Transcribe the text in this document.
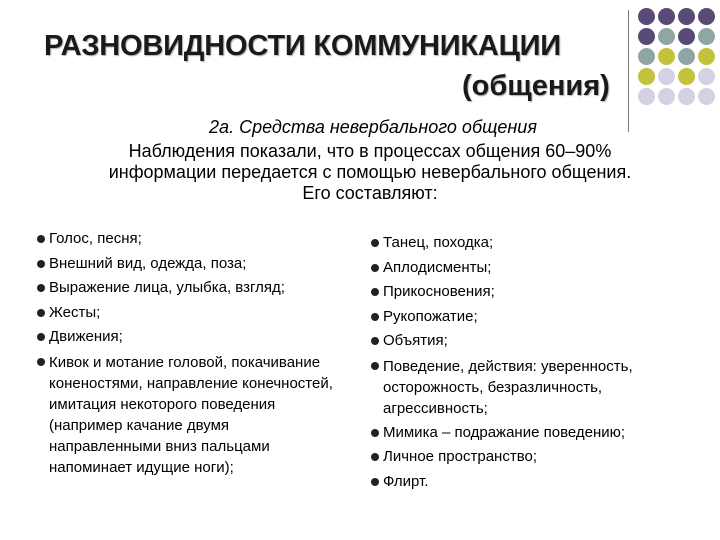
РАЗНОВИДНОСТИ КОММУНИКАЦИИ
(общения)
2а. Средства невербального общения
Наблюдения показали, что в процессах общения 60–90%
информации передается с помощью невербального общения.
Его составляют:
Голос, песня;
Внешний вид, одежда, поза;
Выражение лица, улыбка, взгляд;
Жесты;
Движения;
Кивок и мотание головой, покачивание коненостями, направление конечностей, имитация некоторого поведения (например качание двумя направленными вниз пальцами напоминает идущие ноги);
Танец, походка;
Аплодисменты;
Прикосновения;
Рукопожатие;
Объятия;
Поведение, действия: уверенность, осторожность, безразличность, агрессивность;
Мимика – подражание поведению;
Личное пространство;
Флирт.
